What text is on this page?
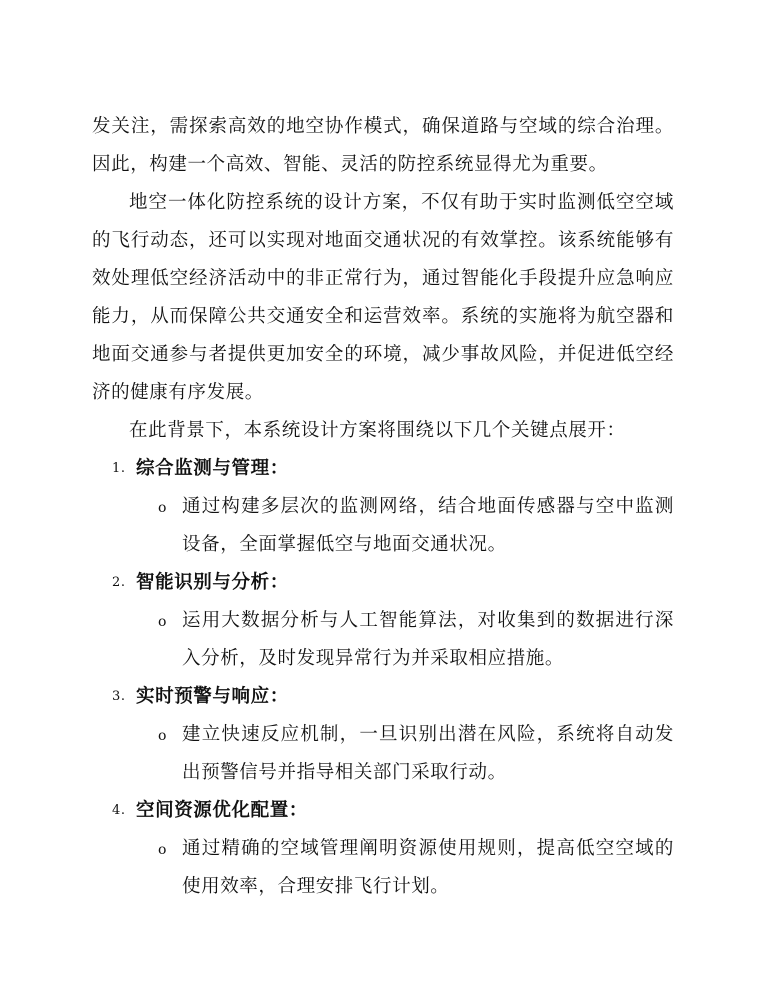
发关注，需探索高效的地空协作模式，确保道路与空域的综合治理。因此，构建一个高效、智能、灵活的防控系统显得尤为重要。

地空一体化防控系统的设计方案，不仅有助于实时监测低空空域的飞行动态，还可以实现对地面交通状况的有效掌控。该系统能够有效处理低空经济活动中的非正常行为，通过智能化手段提升应急响应能力，从而保障公共交通安全和运营效率。系统的实施将为航空器和地面交通参与者提供更加安全的环境，减少事故风险，并促进低空经济的健康有序发展。

在此背景下，本系统设计方案将围绕以下几个关键点展开：

1. 综合监测与管理：
o 通过构建多层次的监测网络，结合地面传感器与空中监测设备，全面掌握低空与地面交通状况。
2. 智能识别与分析：
o 运用大数据分析与人工智能算法，对收集到的数据进行深入分析，及时发现异常行为并采取相应措施。
3. 实时预警与响应：
o 建立快速反应机制，一旦识别出潜在风险，系统将自动发出预警信号并指导相关部门采取行动。
4. 空间资源优化配置：
o 通过精确的空域管理阐明资源使用规则，提高低空空域的使用效率，合理安排飞行计划。
